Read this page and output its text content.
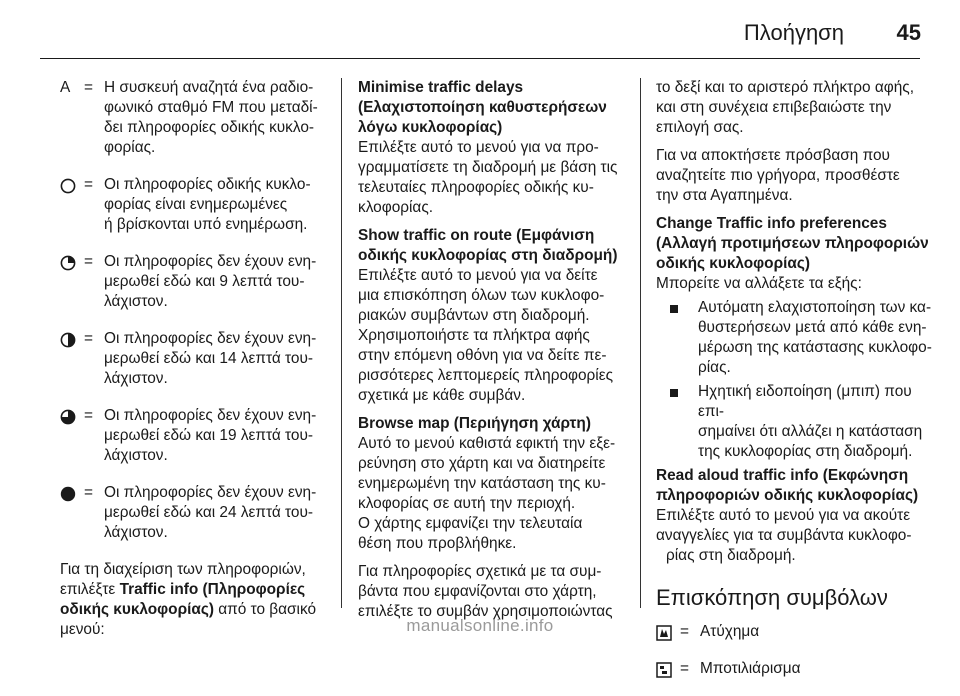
Πλοήγηση 45
A = Η συσκευή αναζητά ένα ραδιο-
φωνικό σταθμό FM που μεταδί-
δει πληροφορίες οδικής κυκλο-
φορίας.
= Οι πληροφορίες οδικής κυκλο-
φορίας είναι ενημερωμένες
ή βρίσκονται υπό ενημέρωση.
= Οι πληροφορίες δεν έχουν ενη-
μερωθεί εδώ και 9 λεπτά του-
λάχιστον.
= Οι πληροφορίες δεν έχουν ενη-
μερωθεί εδώ και 14 λεπτά του-
λάχιστον.
= Οι πληροφορίες δεν έχουν ενη-
μερωθεί εδώ και 19 λεπτά του-
λάχιστον.
= Οι πληροφορίες δεν έχουν ενη-
μερωθεί εδώ και 24 λεπτά του-
λάχιστον.

Για τη διαχείριση των πληροφοριών,
επιλέξτε Traffic info (Πληροφορίες
οδικής κυκλοφορίας) από το βασικό
μενού:

Minimise traffic delays
(Ελαχιστοποίηση καθυστερήσεων
λόγω κυκλοφορίας)
Επιλέξτε αυτό το μενού για να προ-
γραμματίσετε τη διαδρομή με βάση τις
τελευταίες πληροφορίες οδικής κυ-
κλοφορίας.
Show traffic on route (Εμφάνιση
οδικής κυκλοφορίας στη διαδρομή)
Επιλέξτε αυτό το μενού για να δείτε
μια επισκόπηση όλων των κυκλοφο-
ριακών συμβάντων στη διαδρομή.
Χρησιμοποιήστε τα πλήκτρα αφής
στην επόμενη οθόνη για να δείτε πε-
ρισσότερες λεπτομερείς πληροφορίες
σχετικά με κάθε συμβάν.
Browse map (Περιήγηση χάρτη)
Αυτό το μενού καθιστά εφικτή την εξε-
ρεύνηση στο χάρτη και να διατηρείτε
ενημερωμένη την κατάσταση της κυ-
κλοφορίας σε αυτή την περιοχή.
Ο χάρτης εμφανίζει την τελευταία
θέση που προβλήθηκε.
Για πληροφορίες σχετικά με τα συμ-
βάντα που εμφανίζονται στο χάρτη,
επιλέξτε το συμβάν χρησιμοποιώντας
το δεξί και το αριστερό πλήκτρο αφής,
και στη συνέχεια επιβεβαιώστε την
επιλογή σας.
Για να αποκτήσετε πρόσβαση που
αναζητείτε πιο γρήγορα, προσθέστε
την στα Αγαπημένα.
Change Traffic info preferences
(Αλλαγή προτιμήσεων πληροφοριών
οδικής κυκλοφορίας)
Μπορείτε να αλλάξετε τα εξής:
Αυτόματη ελαχιστοποίηση των κα-
θυστερήσεων μετά από κάθε ενη-
μέρωση της κατάστασης κυκλοφο-
ρίας.
Ηχητική ειδοποίηση (μπιπ) που επι-
σημαίνει ότι αλλάζει η κατάσταση
της κυκλοφορίας στη διαδρομή.
Read aloud traffic info (Εκφώνηση
πληροφοριών οδικής κυκλοφορίας)
Επιλέξτε αυτό το μενού για να ακούτε
αναγγελίες για τα συμβάντα κυκλοφο-
ρίας στη διαδρομή.
Επισκόπηση συμβόλων
= Ατύχημα
= Μποτιλιάρισμα
manualsonline.info
